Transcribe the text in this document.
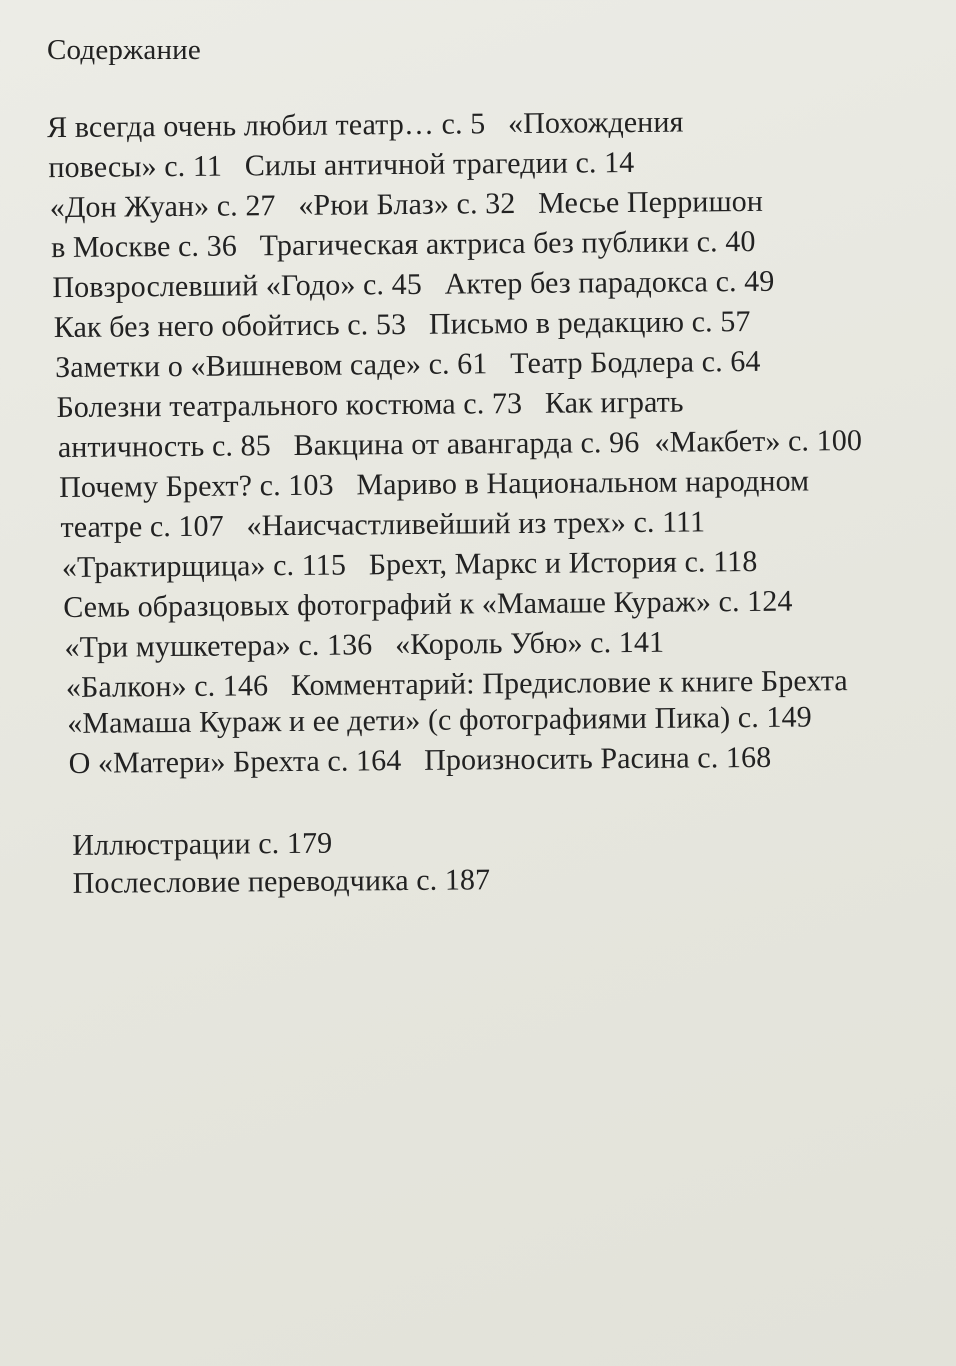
Содержание
Я всегда очень любил театр… с. 5   «Похождения
повесы» с. 11   Силы античной трагедии с. 14
«Дон Жуан» с. 27   «Рюи Блаз» с. 32   Месье Перришон
в Москве с. 36   Трагическая актриса без публики с. 40
Повзрослевший «Годо» с. 45   Актер без парадокса с. 49
Как без него обойтись с. 53   Письмо в редакцию с. 57
Заметки о «Вишневом саде» с. 61   Театр Бодлера с. 64
Болезни театрального костюма с. 73   Как играть
античность с. 85   Вакцина от авангарда с. 96  «Макбет» с. 100
Почему Брехт? с. 103   Мариво в Национальном народном
театре с. 107   «Наисчастливейший из трех» с. 111
«Трактирщица» с. 115   Брехт, Маркс и История с. 118
Семь образцовых фотографий к «Мамаше Кураж» с. 124
«Три мушкетера» с. 136   «Король Убю» с. 141
«Балкон» с. 146   Комментарий: Предисловие к книге Брехта
«Мамаша Кураж и ее дети» (с фотографиями Пика) с. 149
О «Матери» Брехта с. 164   Произносить Расина с. 168
Иллюстрации с. 179
Послесловие переводчика с. 187
